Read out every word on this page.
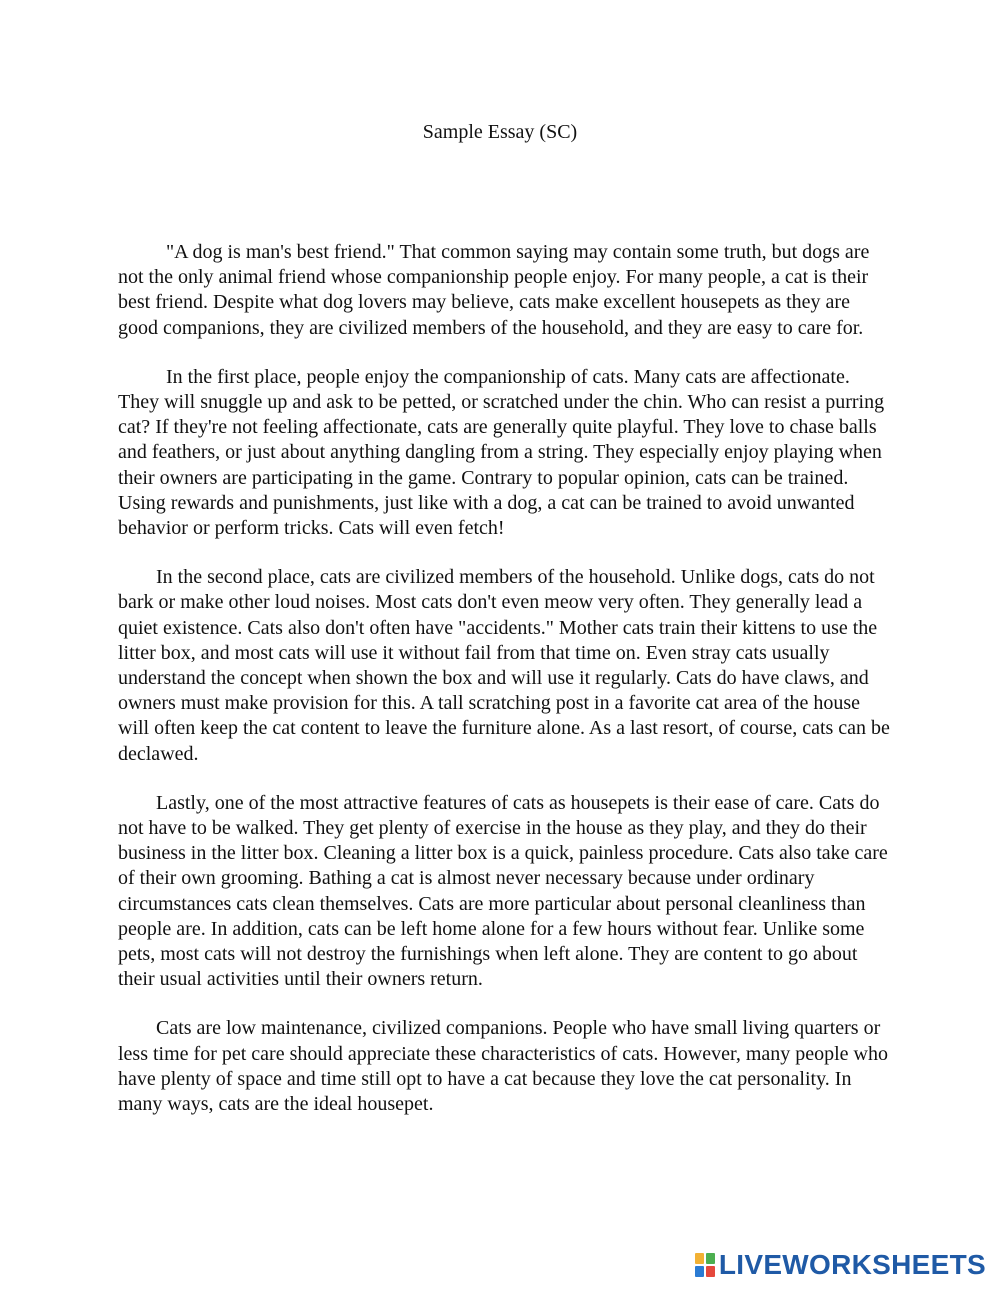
Sample Essay (SC)

"A dog is man's best friend." That common saying may contain some truth, but dogs are not the only animal friend whose companionship people enjoy. For many people, a cat is their best friend. Despite what dog lovers may believe, cats make excellent housepets as they are good companions, they are civilized members of the household, and they are easy to care for.

In the first place, people enjoy the companionship of cats. Many cats are affectionate. They will snuggle up and ask to be petted, or scratched under the chin. Who can resist a purring cat? If they're not feeling affectionate, cats are generally quite playful. They love to chase balls and feathers, or just about anything dangling from a string. They especially enjoy playing when their owners are participating in the game. Contrary to popular opinion, cats can be trained. Using rewards and punishments, just like with a dog, a cat can be trained to avoid unwanted behavior or perform tricks. Cats will even fetch!

In the second place, cats are civilized members of the household. Unlike dogs, cats do not bark or make other loud noises. Most cats don't even meow very often. They generally lead a quiet existence. Cats also don't often have "accidents." Mother cats train their kittens to use the litter box, and most cats will use it without fail from that time on. Even stray cats usually understand the concept when shown the box and will use it regularly. Cats do have claws, and owners must make provision for this. A tall scratching post in a favorite cat area of the house will often keep the cat content to leave the furniture alone. As a last resort, of course, cats can be declawed.

Lastly, one of the most attractive features of cats as housepets is their ease of care. Cats do not have to be walked. They get plenty of exercise in the house as they play, and they do their business in the litter box. Cleaning a litter box is a quick, painless procedure. Cats also take care of their own grooming. Bathing a cat is almost never necessary because under ordinary circumstances cats clean themselves. Cats are more particular about personal cleanliness than people are. In addition, cats can be left home alone for a few hours without fear. Unlike some pets, most cats will not destroy the furnishings when left alone. They are content to go about their usual activities until their owners return.

Cats are low maintenance, civilized companions. People who have small living quarters or less time for pet care should appreciate these characteristics of cats. However, many people who have plenty of space and time still opt to have a cat because they love the cat personality. In many ways, cats are the ideal housepet.

LIVEWORKSHEETS
